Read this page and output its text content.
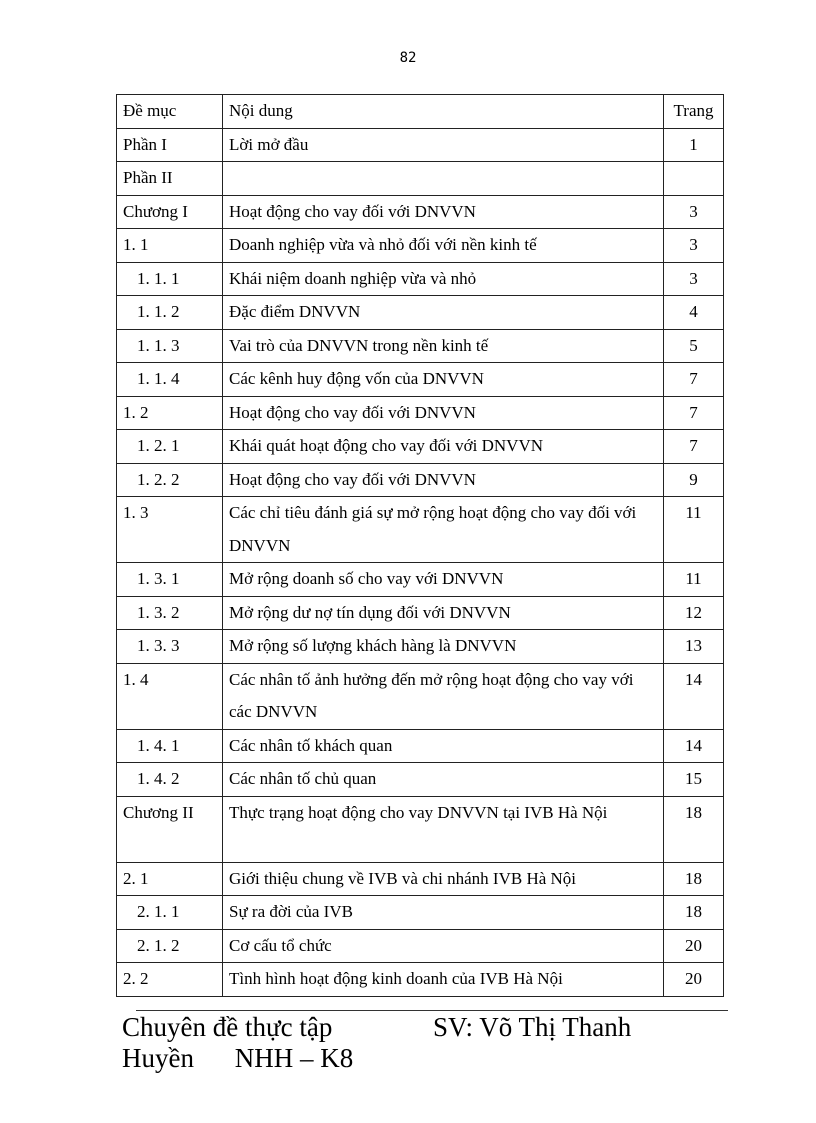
82
Đề mục	Nội dung	Trang
Phần I	Lời mở đầu	1
Phần II		
Chương I	Hoạt động cho vay đối với DNVVN	3
1. 1	Doanh nghiệp vừa và nhỏ đối với nền kinh tế	3
1. 1. 1	Khái niệm doanh nghiệp vừa và nhỏ	3
1. 1. 2	Đặc điểm DNVVN	4
1. 1. 3	Vai trò của DNVVN trong nền kinh tế	5
1. 1. 4	Các kênh huy động vốn của DNVVN	7
1. 2	Hoạt động cho vay đối với DNVVN	7
1. 2. 1	Khái quát hoạt động cho vay đối với DNVVN	7
1. 2. 2	Hoạt động cho vay đối với DNVVN	9
1. 3	Các chỉ tiêu đánh giá sự mở rộng hoạt động cho vay đối với DNVVN	11
1. 3. 1	Mở rộng doanh số cho vay với DNVVN	11
1. 3. 2	Mở rộng dư nợ tín dụng đối với DNVVN	12
1. 3. 3	Mở rộng số lượng khách hàng là DNVVN	13
1. 4	Các nhân tố ảnh hưởng đến mở rộng hoạt động cho vay với các DNVVN	14
1. 4. 1	Các nhân tố khách quan	14
1. 4. 2	Các nhân tố chủ quan	15
Chương II	Thực trạng hoạt động cho vay DNVVN tại IVB Hà Nội	18
2. 1	Giới thiệu chung về IVB và chi nhánh IVB Hà Nội	18
2. 1. 1	Sự ra đời của IVB	18
2. 1. 2	Cơ cấu tổ chức	20
2. 2	Tình hình hoạt động kinh doanh của IVB Hà Nội	20
Chuyên đề thực tập	SV: Võ Thị Thanh
Huyền NHH – K8
